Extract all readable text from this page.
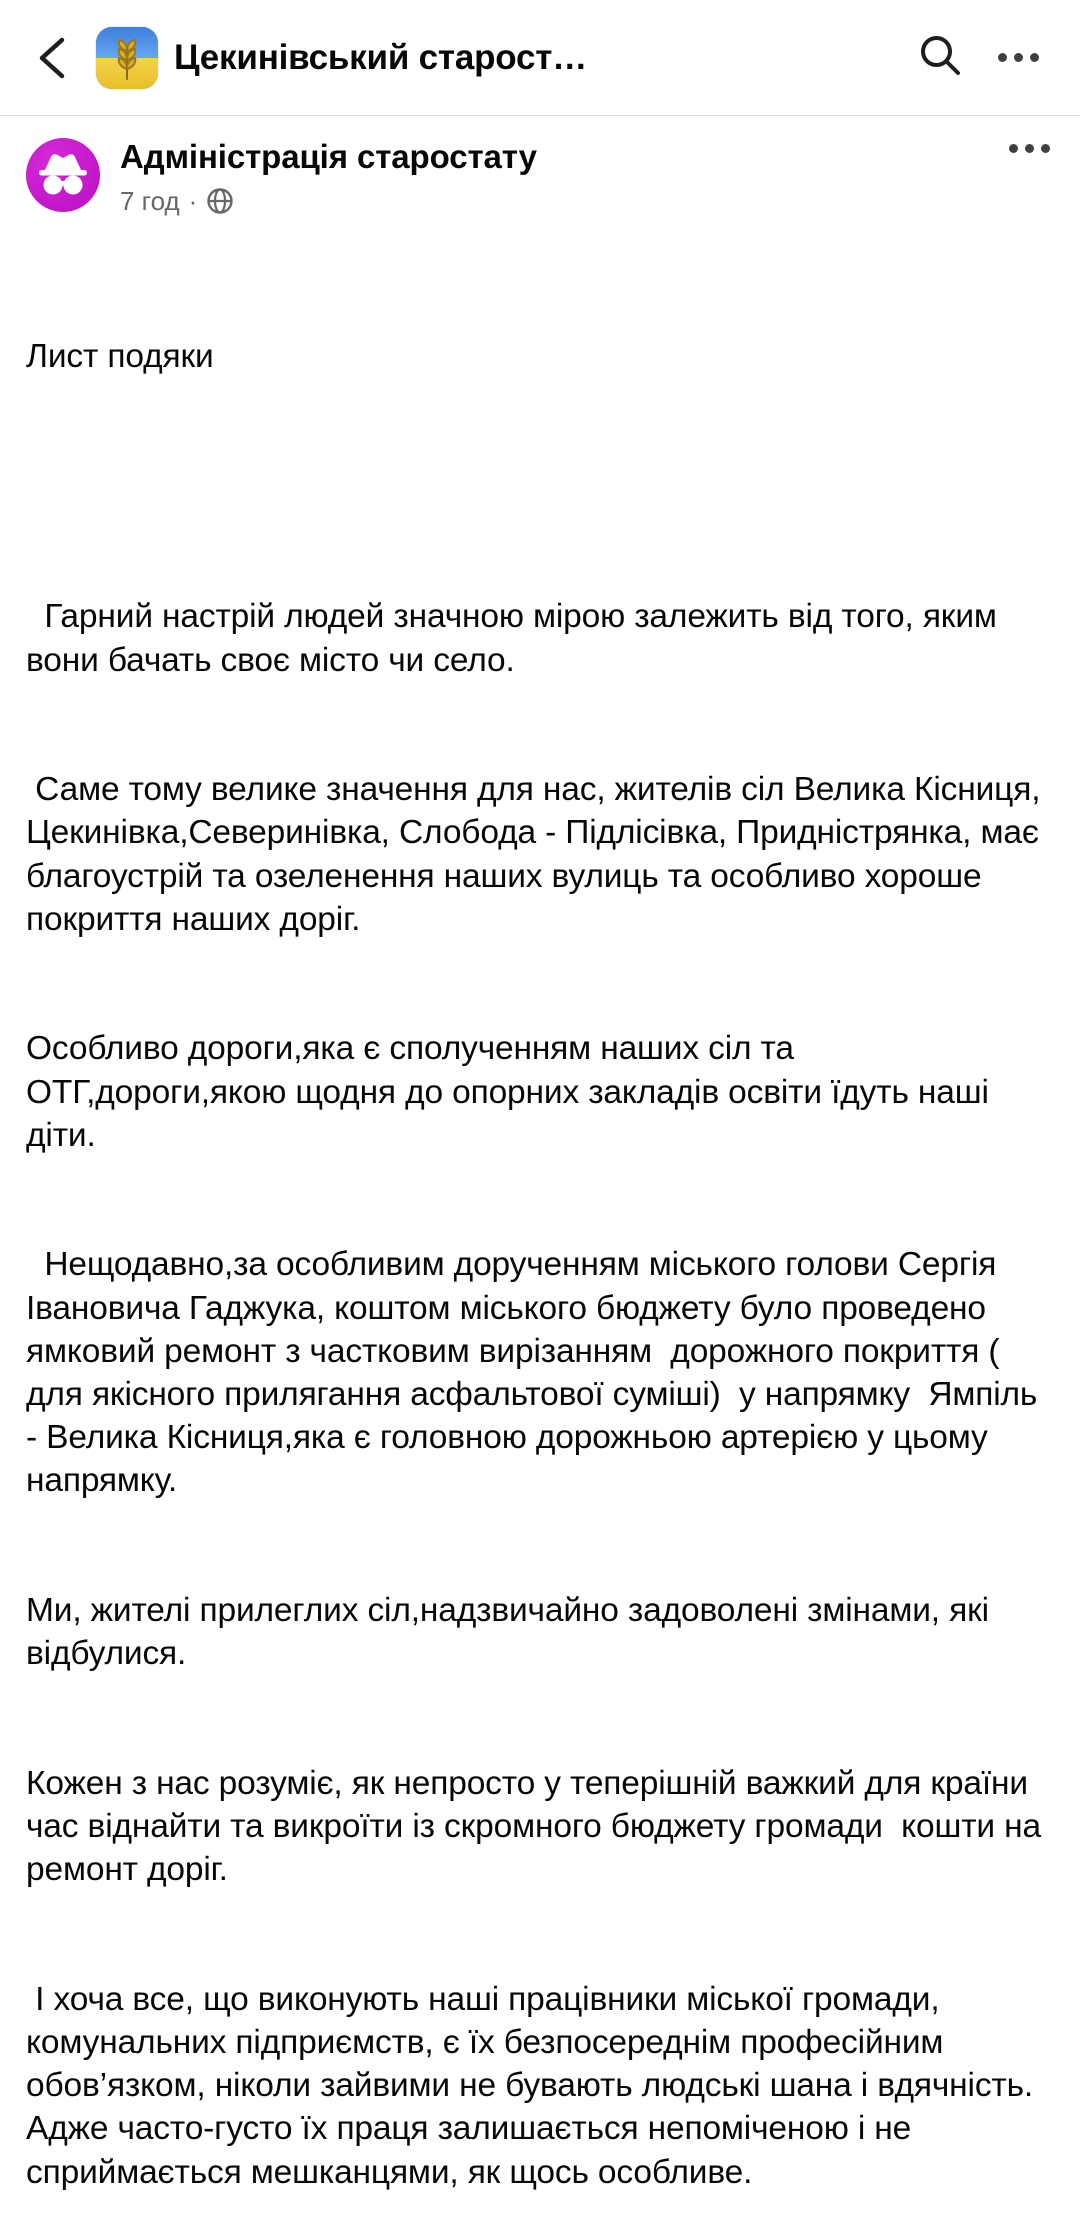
Цекинівський старост…
Адміністрація старостату
7 год ·

Лист подяки

Гарний настрій людей значною мірою залежить від того, яким вони бачать своє місто чи село.

Саме тому велике значення для нас, жителів сіл Велика Кісниця, Цекинівка,Северинівка, Слобода - Підлісівка, Придністрянка, має благоустрій та озеленення наших вулиць та особливо хороше покриття наших доріг.

Особливо дороги,яка є сполученням наших сіл та ОТГ,дороги,якою щодня до опорних закладів освіти їдуть наші діти.

Нещодавно,за особливим дорученням міського голови Сергія Івановича Гаджука, коштом міського бюджету було проведено ямковий ремонт з частковим вирізанням  дорожного покриття ( для якісного прилягання асфальтової суміші)  у напрямку  Ямпіль - Велика Кісниця,яка є головною дорожньою артерією у цьому напрямку.

Ми, жителі прилеглих сіл,надзвичайно задоволені змінами, які   відбулися.

Кожен з нас розуміє, як непросто у теперішній важкий для країни час віднайти та викроїти із скромного бюджету громади  кошти на ремонт доріг.

І хоча все, що виконують наші працівники міської громади, комунальних підприємств, є їх безпосереднім професійним обов’язком, ніколи зайвими не бувають людські шана і вдячність. Адже часто-густо їх праця залишається непоміченою і не сприймається мешканцями, як щось особливе.
